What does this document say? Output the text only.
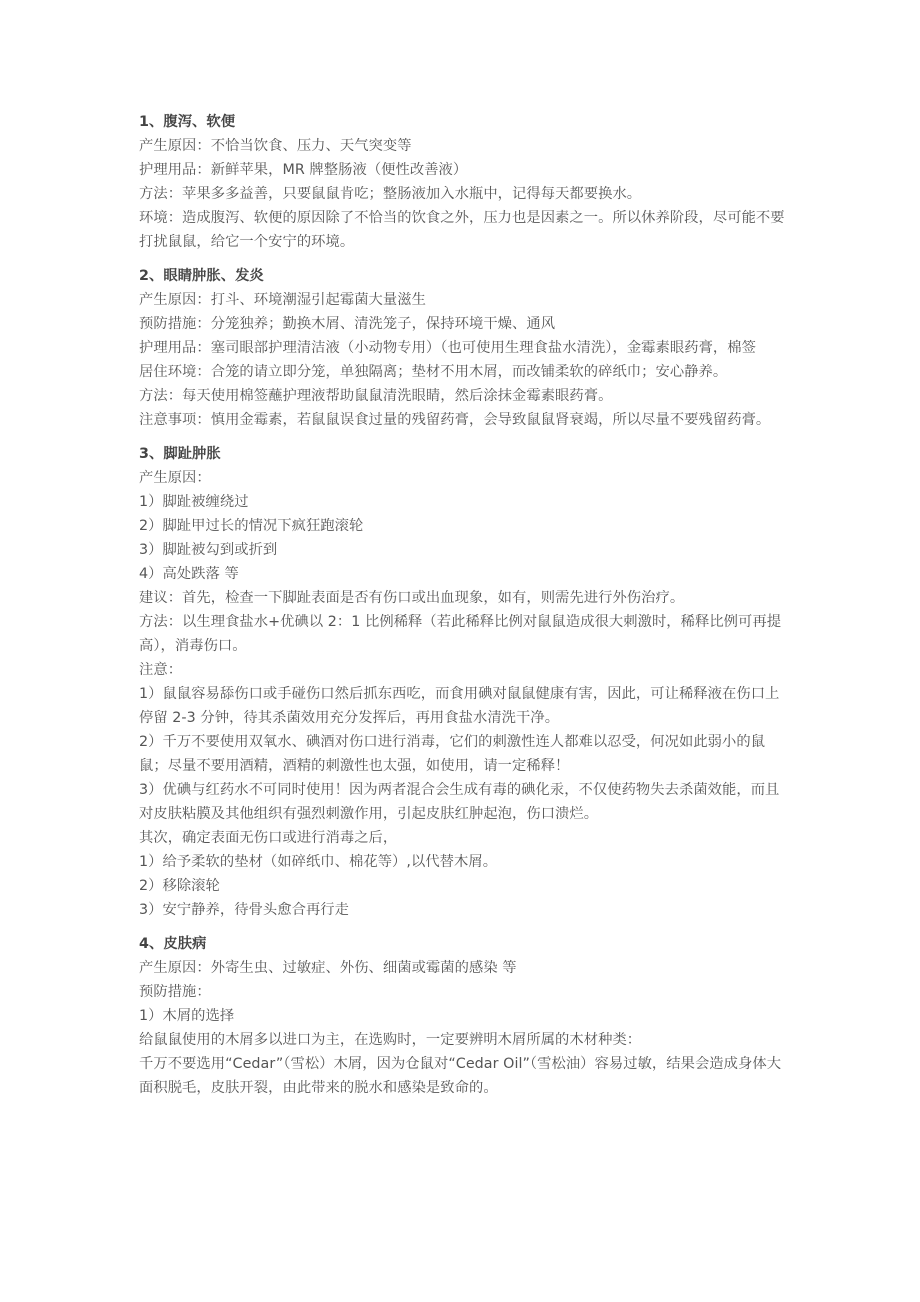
1、腹泻、软便

产生原因：不恰当饮食、压力、天气突变等

护理用品：新鲜苹果，MR 牌整肠液（便性改善液）

方法：苹果多多益善，只要鼠鼠肯吃；整肠液加入水瓶中，记得每天都要换水。

环境：造成腹泻、软便的原因除了不恰当的饮食之外，压力也是因素之一。所以休养阶段，尽可能不要打扰鼠鼠，给它一个安宁的环境。

2、眼睛肿胀、发炎

产生原因：打斗、环境潮湿引起霉菌大量滋生

预防措施：分笼独养；勤换木屑、清洗笼子，保持环境干燥、通风

护理用品：塞司眼部护理清洁液（小动物专用）（也可使用生理食盐水清洗），金霉素眼药膏，棉签

居住环境：合笼的请立即分笼，单独隔离；垫材不用木屑，而改铺柔软的碎纸巾；安心静养。

方法：每天使用棉签蘸护理液帮助鼠鼠清洗眼睛，然后涂抹金霉素眼药膏。

注意事项：慎用金霉素，若鼠鼠误食过量的残留药膏，会导致鼠鼠肾衰竭，所以尽量不要残留药膏。

3、脚趾肿胀

产生原因：

1）脚趾被缠绕过

2）脚趾甲过长的情况下疯狂跑滚轮

3）脚趾被勾到或折到

4）高处跌落 等

建议：首先，检查一下脚趾表面是否有伤口或出血现象，如有，则需先进行外伤治疗。

方法：以生理食盐水+优碘以 2：1 比例稀释（若此稀释比例对鼠鼠造成很大刺激时，稀释比例可再提高），消毒伤口。

注意：

1）鼠鼠容易舔伤口或手碰伤口然后抓东西吃，而食用碘对鼠鼠健康有害，因此，可让稀释液在伤口上停留 2-3 分钟，待其杀菌效用充分发挥后，再用食盐水清洗干净。

2）千万不要使用双氧水、碘酒对伤口进行消毒，它们的刺激性连人都难以忍受，何况如此弱小的鼠鼠；尽量不要用酒精，酒精的刺激性也太强，如使用，请一定稀释！

3）优碘与红药水不可同时使用！因为两者混合会生成有毒的碘化汞，不仅使药物失去杀菌效能，而且对皮肤粘膜及其他组织有强烈刺激作用，引起皮肤红肿起泡，伤口溃烂。

其次，确定表面无伤口或进行消毒之后，

1）给予柔软的垫材（如碎纸巾、棉花等）,以代替木屑。

2）移除滚轮

3）安宁静养，待骨头愈合再行走

4、皮肤病

产生原因：外寄生虫、过敏症、外伤、细菌或霉菌的感染 等

预防措施：

1）木屑的选择

给鼠鼠使用的木屑多以进口为主，在选购时，一定要辨明木屑所属的木材种类：

千万不要选用“Cedar”（雪松）木屑，因为仓鼠对“Cedar Oil”（雪松油）容易过敏，结果会造成身体大面积脱毛，皮肤开裂，由此带来的脱水和感染是致命的。
